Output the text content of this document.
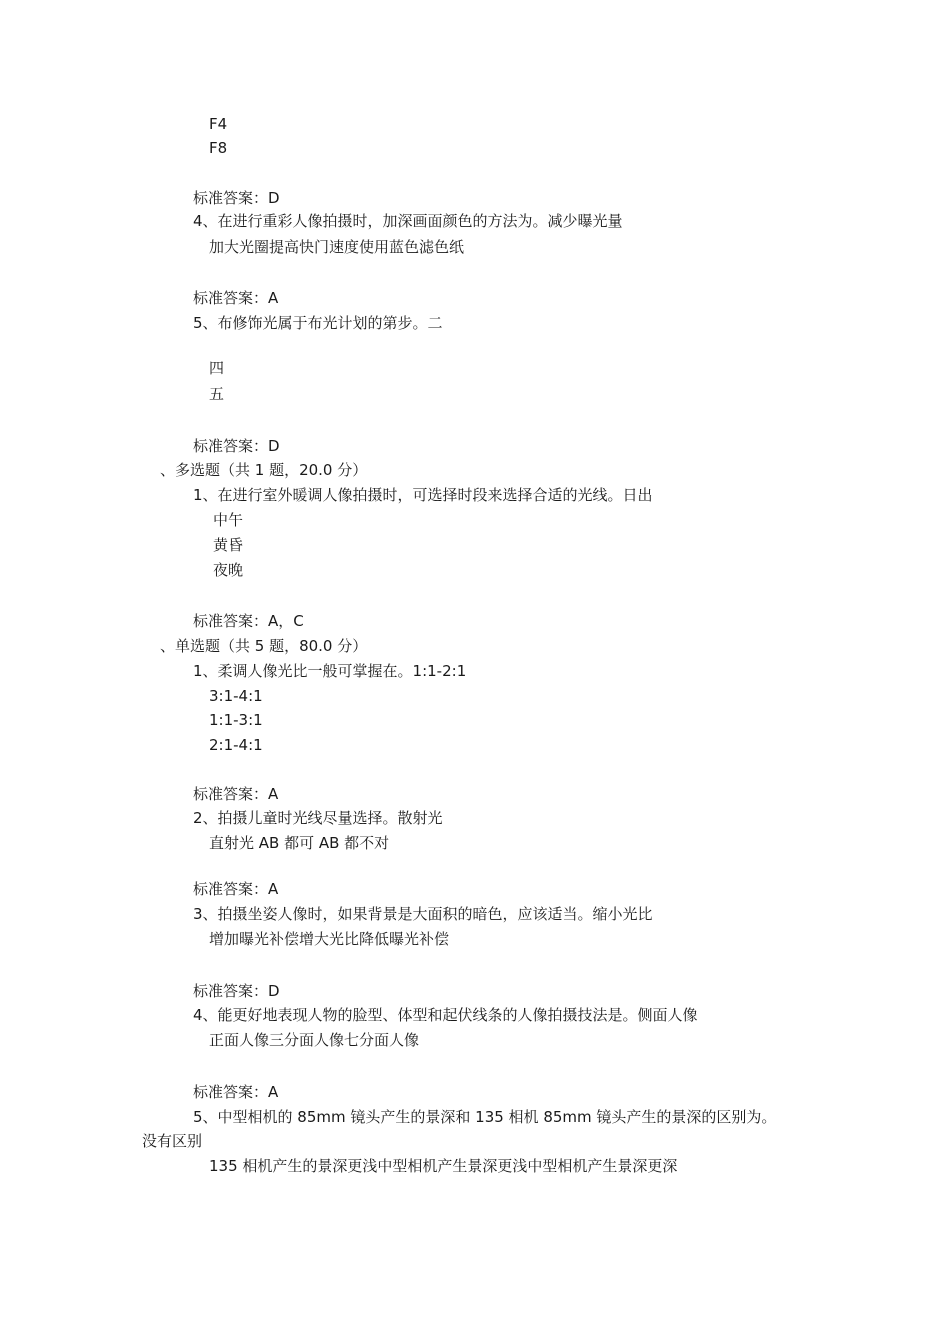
F4
F8
标准答案：D
4、在进行重彩人像拍摄时，加深画面颜色的方法为。减少曝光量
加大光圈提高快门速度使用蓝色滤色纸
标准答案：A
5、布修饰光属于布光计划的第步。二
四
五
标准答案：D
、多选题（共 1 题，20.0 分）
1、在进行室外暖调人像拍摄时，可选择时段来选择合适的光线。日出
中午
黄昏
夜晚
标准答案：A，C
、单选题（共 5 题，80.0 分）
1、柔调人像光比一般可掌握在。1:1-2:1
3:1-4:1
1:1-3:1
2:1-4:1
标准答案：A
2、拍摄儿童时光线尽量选择。散射光
直射光 AB 都可 AB 都不对
标准答案：A
3、拍摄坐姿人像时，如果背景是大面积的暗色，应该适当。缩小光比
增加曝光补偿增大光比降低曝光补偿
标准答案：D
4、能更好地表现人物的脸型、体型和起伏线条的人像拍摄技法是。侧面人像
正面人像三分面人像七分面人像
标准答案：A
5、中型相机的 85mm 镜头产生的景深和 135 相机 85mm 镜头产生的景深的区别为。
没有区别
135 相机产生的景深更浅中型相机产生景深更浅中型相机产生景深更深
